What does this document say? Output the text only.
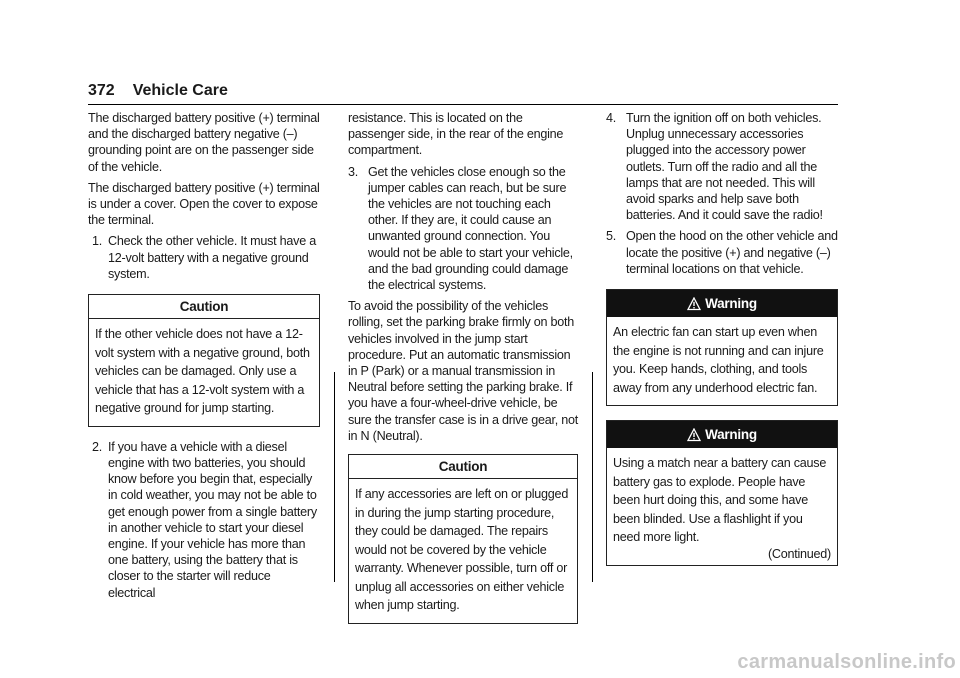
372 Vehicle Care

The discharged battery positive (+) terminal and the discharged battery negative (–) grounding point are on the passenger side of the vehicle.

The discharged battery positive (+) terminal is under a cover. Open the cover to expose the terminal.

1. Check the other vehicle. It must have a 12-volt battery with a negative ground system.
Caution
If the other vehicle does not have a 12-volt system with a negative ground, both vehicles can be damaged. Only use a vehicle that has a 12-volt system with a negative ground for jump starting.
2. If you have a vehicle with a diesel engine with two batteries, you should know before you begin that, especially in cold weather, you may not be able to get enough power from a single battery in another vehicle to start your diesel engine. If your vehicle has more than one battery, using the battery that is closer to the starter will reduce electrical

resistance. This is located on the passenger side, in the rear of the engine compartment.

3. Get the vehicles close enough so the jumper cables can reach, but be sure the vehicles are not touching each other. If they are, it could cause an unwanted ground connection. You would not be able to start your vehicle, and the bad grounding could damage the electrical systems.

To avoid the possibility of the vehicles rolling, set the parking brake firmly on both vehicles involved in the jump start procedure. Put an automatic transmission in P (Park) or a manual transmission in Neutral before setting the parking brake. If you have a four-wheel-drive vehicle, be sure the transfer case is in a drive gear, not in N (Neutral).

Caution
If any accessories are left on or plugged in during the jump starting procedure, they could be damaged. The repairs would not be covered by the vehicle warranty. Whenever possible, turn off or unplug all accessories on either vehicle when jump starting.
4. Turn the ignition off on both vehicles. Unplug unnecessary accessories plugged into the accessory power outlets. Turn off the radio and all the lamps that are not needed. This will avoid sparks and help save both batteries. And it could save the radio!
5. Open the hood on the other vehicle and locate the positive (+) and negative (–) terminal locations on that vehicle.
Warning
An electric fan can start up even when the engine is not running and can injure you. Keep hands, clothing, and tools away from any underhood electric fan.
Warning
Using a match near a battery can cause battery gas to explode. People have been hurt doing this, and some have been blinded. Use a flashlight if you need more light.
(Continued)
carmanualsonline.info
